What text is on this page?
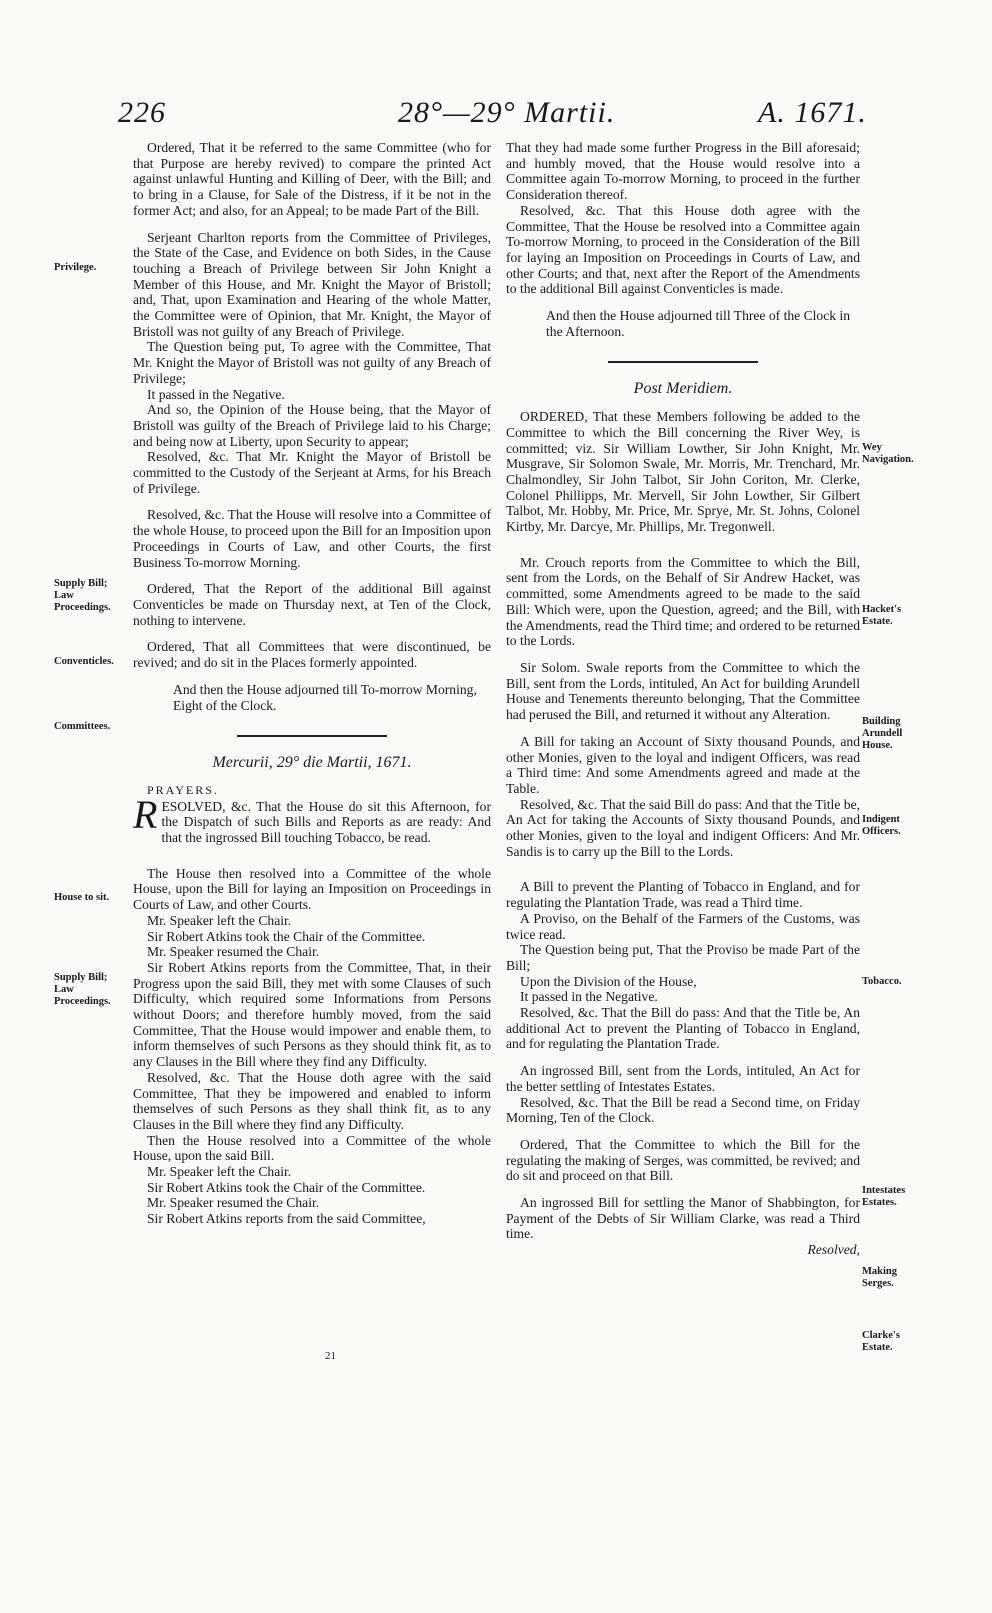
226	28°—29° Martii.	A. 1671.

Ordered, That it be referred to the same Committee (who for that Purpose are hereby revived) to compare the printed Act against unlawful Hunting and Killing of Deer, with the Bill; and to bring in a Clause, for Sale of the Distress, if it be not in the former Act; and also, for an Appeal; to be made Part of the Bill.

Serjeant Charlton reports from the Committee of Privileges, the State of the Case, and Evidence on both Sides, in the Cause touching a Breach of Privilege between Sir John Knight a Member of this House, and Mr. Knight the Mayor of Bristoll; and, That, upon Examination and Hearing of the whole Matter, the Committee were of Opinion, that Mr. Knight, the Mayor of Bristoll was not guilty of any Breach of Privilege.

The Question being put, To agree with the Committee, That Mr. Knight the Mayor of Bristoll was not guilty of any Breach of Privilege;

It passed in the Negative.

And so, the Opinion of the House being, that the Mayor of Bristoll was guilty of the Breach of Privilege laid to his Charge; and being now at Liberty, upon Security to appear;

Resolved, &c. That Mr. Knight the Mayor of Bristoll be committed to the Custody of the Serjeant at Arms, for his Breach of Privilege.

Resolved, &c. That the House will resolve into a Committee of the whole House, to proceed upon the Bill for an Imposition upon Proceedings in Courts of Law, and other Courts, the first Business To-morrow Morning.

Ordered, That the Report of the additional Bill against Conventicles be made on Thursday next, at Ten of the Clock, nothing to intervene.

Ordered, That all Committees that were discontinued, be revived; and do sit in the Places formerly appointed.

And then the House adjourned till To-morrow Morning, Eight of the Clock.

Mercurii, 29° die Martii, 1671.

PRAYERS.

RESOLVED, &c. That the House do sit this Afternoon, for the Dispatch of such Bills and Reports as are ready: And that the ingrossed Bill touching Tobacco, be read.

The House then resolved into a Committee of the whole House, upon the Bill for laying an Imposition on Proceedings in Courts of Law, and other Courts.

Mr. Speaker left the Chair.

Sir Robert Atkins took the Chair of the Committee.

Mr. Speaker resumed the Chair.

Sir Robert Atkins reports from the Committee, That, in their Progress upon the said Bill, they met with some Clauses of such Difficulty, which required some Informations from Persons without Doors; and therefore humbly moved, from the said Committee, That the House would impower and enable them, to inform themselves of such Persons as they should think fit, as to any Clauses in the Bill where they find any Difficulty.

Resolved, &c. That the House doth agree with the said Committee, That they be impowered and enabled to inform themselves of such Persons as they shall think fit, as to any Clauses in the Bill where they find any Difficulty.

Then the House resolved into a Committee of the whole House, upon the said Bill.

Mr. Speaker left the Chair.

Sir Robert Atkins took the Chair of the Committee.

Mr. Speaker resumed the Chair.

Sir Robert Atkins reports from the said Committee,

That they had made some further Progress in the Bill aforesaid; and humbly moved, that the House would resolve into a Committee again To-morrow Morning, to proceed in the further Consideration thereof.

Resolved, &c. That this House doth agree with the Committee, That the House be resolved into a Committee again To-morrow Morning, to proceed in the Consideration of the Bill for laying an Imposition on Proceedings in Courts of Law, and other Courts; and that, next after the Report of the Amendments to the additional Bill against Conventicles is made.

And then the House adjourned till Three of the Clock in the Afternoon.

Post Meridiem.

ORDERED, That these Members following be added to the Committee to which the Bill concerning the River Wey, is committed; viz. Sir William Lowther, Sir John Knight, Mr. Musgrave, Sir Solomon Swale, Mr. Morris, Mr. Trenchard, Mr. Chalmondley, Sir John Talbot, Sir John Coriton, Mr. Clerke, Colonel Phillipps, Mr. Mervell, Sir John Lowther, Sir Gilbert Talbot, Mr. Hobby, Mr. Price, Mr. Sprye, Mr. St. Johns, Colonel Kirtby, Mr. Darcye, Mr. Phillips, Mr. Tregonwell.

Mr. Crouch reports from the Committee to which the Bill, sent from the Lords, on the Behalf of Sir Andrew Hacket, was committed, some Amendments agreed to be made to the said Bill: Which were, upon the Question, agreed; and the Bill, with the Amendments, read the Third time; and ordered to be returned to the Lords.

Sir Solom. Swale reports from the Committee to which the Bill, sent from the Lords, intituled, An Act for building Arundell House and Tenements thereunto belonging, That the Committee had perused the Bill, and returned it without any Alteration.

A Bill for taking an Account of Sixty thousand Pounds, and other Monies, given to the loyal and indigent Officers, was read a Third time: And some Amendments agreed and made at the Table.

Resolved, &c. That the said Bill do pass: And that the Title be, An Act for taking the Accounts of Sixty thousand Pounds, and other Monies, given to the loyal and indigent Officers: And Mr. Sandis is to carry up the Bill to the Lords.

A Bill to prevent the Planting of Tobacco in England, and for regulating the Plantation Trade, was read a Third time.

A Proviso, on the Behalf of the Farmers of the Customs, was twice read.

The Question being put, That the Proviso be made Part of the Bill;

Upon the Division of the House,

It passed in the Negative.

Resolved, &c. That the Bill do pass: And that the Title be, An additional Act to prevent the Planting of Tobacco in England, and for regulating the Plantation Trade.

An ingrossed Bill, sent from the Lords, intituled, An Act for the better settling of Intestates Estates.

Resolved, &c. That the Bill be read a Second time, on Friday Morning, Ten of the Clock.

Ordered, That the Committee to which the Bill for the regulating the making of Serges, was committed, be revived; and do sit and proceed on that Bill.

An ingrossed Bill for settling the Manor of Shabbington, for Payment of the Debts of Sir William Clarke, was read a Third time.

Resolved,

Privilege.
Supply Bill; Law Proceedings.
Conventicles.
Committees.
House to sit.
Supply Bill; Law Proceedings.
Wey Navigation.
Hacket's Estate.
Building Arundell House.
Indigent Officers.
Tobacco.
Intestates Estates.
Making Serges.
Clarke's Estate.
21
